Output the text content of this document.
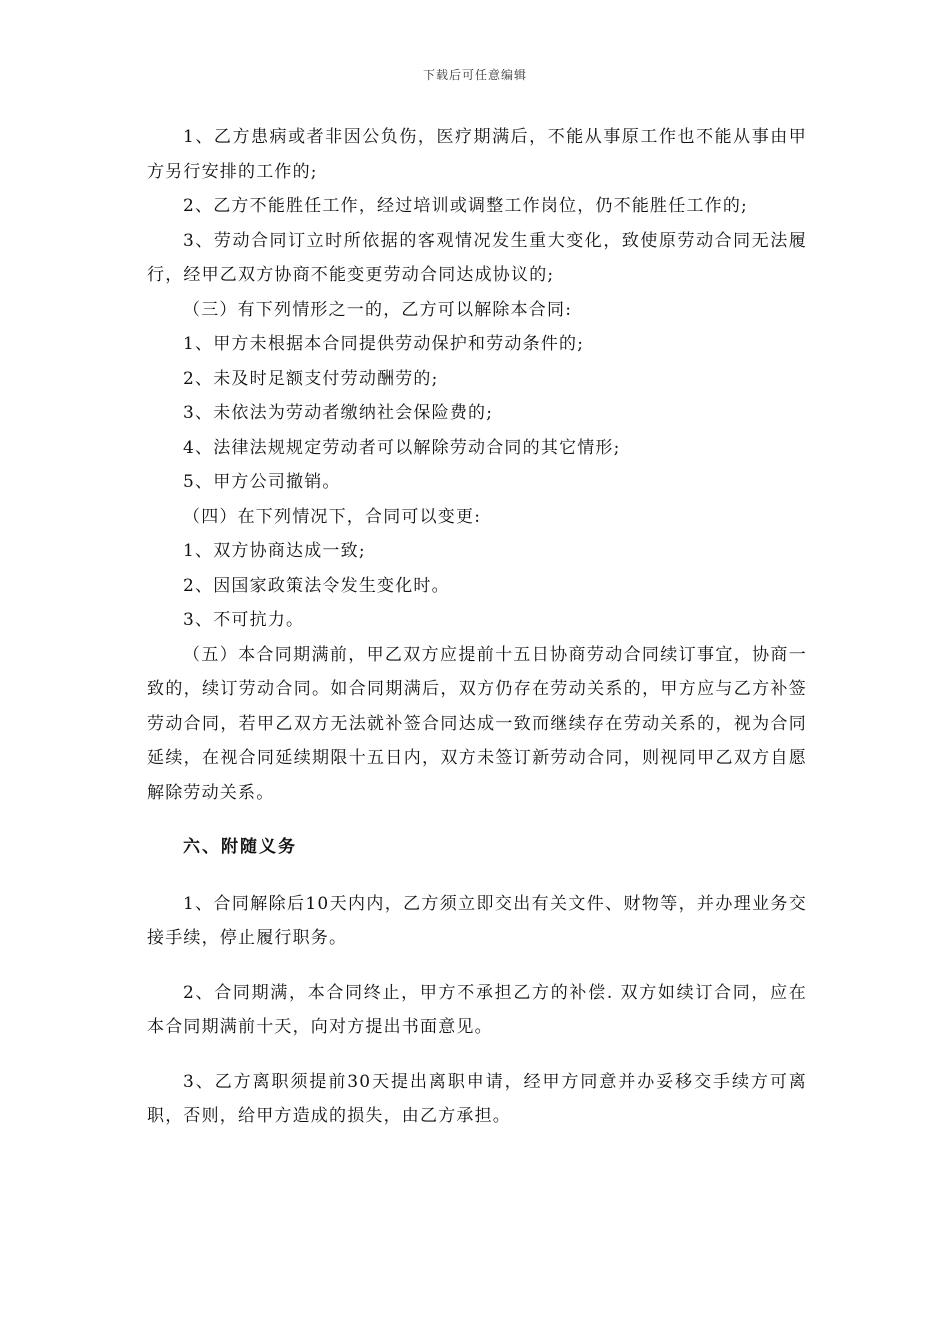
下载后可任意编辑

1、乙方患病或者非因公负伤，医疗期满后，不能从事原工作也不能从事由甲方另行安排的工作的;

2、乙方不能胜任工作，经过培训或调整工作岗位，仍不能胜任工作的;

3、劳动合同订立时所依据的客观情况发生重大变化，致使原劳动合同无法履行，经甲乙双方协商不能变更劳动合同达成协议的;

（三）有下列情形之一的，乙方可以解除本合同:

1、甲方未根据本合同提供劳动保护和劳动条件的;

2、未及时足额支付劳动酬劳的;

3、未依法为劳动者缴纳社会保险费的;

4、法律法规规定劳动者可以解除劳动合同的其它情形;

5、甲方公司撤销。

（四）在下列情况下，合同可以变更:

1、双方协商达成一致;

2、因国家政策法令发生变化时。

3、不可抗力。

（五）本合同期满前，甲乙双方应提前十五日协商劳动合同续订事宜，协商一致的，续订劳动合同。如合同期满后，双方仍存在劳动关系的，甲方应与乙方补签劳动合同，若甲乙双方无法就补签合同达成一致而继续存在劳动关系的，视为合同延续，在视合同延续期限十五日内，双方未签订新劳动合同，则视同甲乙双方自愿解除劳动关系。

六、附随义务

1、合同解除后10天内内，乙方须立即交出有关文件、财物等，并办理业务交接手续，停止履行职务。

2、合同期满，本合同终止，甲方不承担乙方的补偿. 双方如续订合同，应在本合同期满前十天，向对方提出书面意见。

3、乙方离职须提前30天提出离职申请，经甲方同意并办妥移交手续方可离职，否则，给甲方造成的损失，由乙方承担。
